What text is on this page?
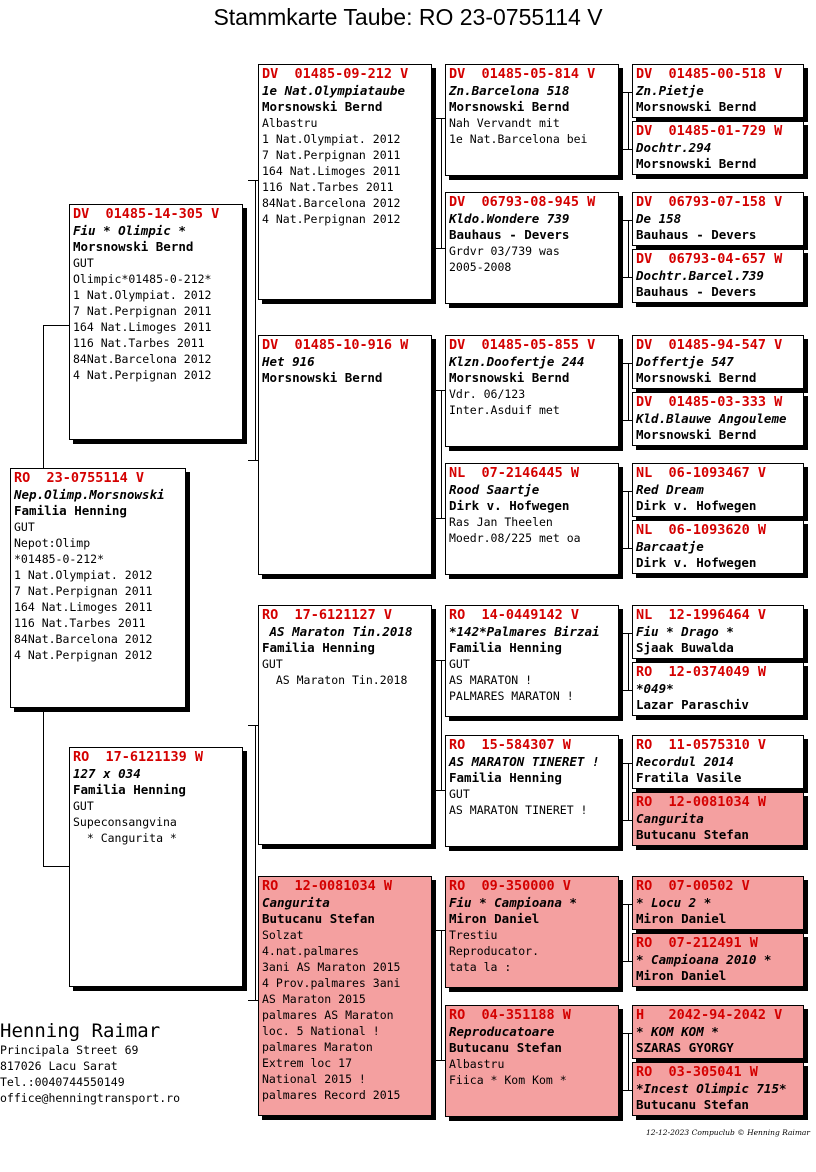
Stammkarte Taube: RO 23-0755114 V
RO  23-0755114 V
Nep.Olimp.Morsnowski
Familia Henning
GUT
Nepot:Olimp
*01485-0-212*
1 Nat.Olympiat. 2012
7 Nat.Perpignan 2011
164 Nat.Limoges 2011
116 Nat.Tarbes 2011
84Nat.Barcelona 2012
4 Nat.Perpignan 2012
DV  01485-14-305 V
Fiu * Olimpic *
Morsnowski Bernd
GUT
Olimpic*01485-0-212*
1 Nat.Olympiat. 2012
7 Nat.Perpignan 2011
164 Nat.Limoges 2011
116 Nat.Tarbes 2011
84Nat.Barcelona 2012
4 Nat.Perpignan 2012
RO  17-6121139 W
127 x 034
Familia Henning
GUT
Supeconsangvina
* Cangurita *
DV  01485-09-212 V
1e Nat.Olympiataube
Morsnowski Bernd
Albastru
1 Nat.Olympiat. 2012
7 Nat.Perpignan 2011
164 Nat.Limoges 2011
116 Nat.Tarbes 2011
84Nat.Barcelona 2012
4 Nat.Perpignan 2012
DV  01485-10-916 W
Het 916
Morsnowski Bernd
RO  17-6121127 V
AS Maraton Tin.2018
Familia Henning
GUT
AS Maraton Tin.2018
RO  12-0081034 W
Cangurita
Butucanu Stefan
Solzat
4.nat.palmares
3ani AS Maraton 2015
4 Prov.palmares 3ani
AS Maraton 2015
palmares AS Maraton
loc. 5 National !
palmares Maraton
Extrem loc 17
National 2015 !
palmares Record 2015
DV  01485-05-814 V
Zn.Barcelona 518
Morsnowski Bernd
Nah Vervandt mit
1e Nat.Barcelona bei
DV  06793-08-945 W
Kldo.Wondere 739
Bauhaus - Devers
Grdvr 03/739 was
2005-2008
DV  01485-05-855 V
Klzn.Doofertje 244
Morsnowski Bernd
Vdr. 06/123
Inter.Asduif met
NL  07-2146445 W
Rood Saartje
Dirk v. Hofwegen
Ras Jan Theelen
Moedr.08/225 met oa
RO  14-0449142 V
*142*Palmares Birzai
Familia Henning
GUT
AS MARATON !
PALMARES MARATON !
RO  15-584307 W
AS MARATON TINERET !
Familia Henning
GUT
AS MARATON TINERET !
RO  09-350000 V
Fiu * Campioana *
Miron Daniel
Trestiu
Reproducator.
tata la :
RO  04-351188 W
Reproducatoare
Butucanu Stefan
Albastru
Fiica * Kom Kom *
DV  01485-00-518 V
Zn.Pietje
Morsnowski Bernd
DV  01485-01-729 W
Dochtr.294
Morsnowski Bernd
DV  06793-07-158 V
De 158
Bauhaus - Devers
DV  06793-04-657 W
Dochtr.Barcel.739
Bauhaus - Devers
DV  01485-94-547 V
Doffertje 547
Morsnowski Bernd
DV  01485-03-333 W
Kld.Blauwe Angouleme
Morsnowski Bernd
NL  06-1093467 V
Red Dream
Dirk v. Hofwegen
NL  06-1093620 W
Barcaatje
Dirk v. Hofwegen
NL  12-1996464 V
Fiu * Drago *
Sjaak Buwalda
RO  12-0374049 W
*049*
Lazar Paraschiv
RO  11-0575310 V
Recordul 2014
Fratila Vasile
RO  12-0081034 W
Cangurita
Butucanu Stefan
RO  07-00502 V
* Locu 2 *
Miron Daniel
RO  07-212491 W
* Campioana 2010 *
Miron Daniel
H   2042-94-2042 V
* KOM KOM *
SZARAS GYORGY
RO  03-305041 W
*Incest Olimpic 715*
Butucanu Stefan
Henning Raimar
Principala Street 69
817026 Lacu Sarat
Tel.:0040744550149
office@henningtransport.ro
12-12-2023 Compuclub © Henning Raimar
